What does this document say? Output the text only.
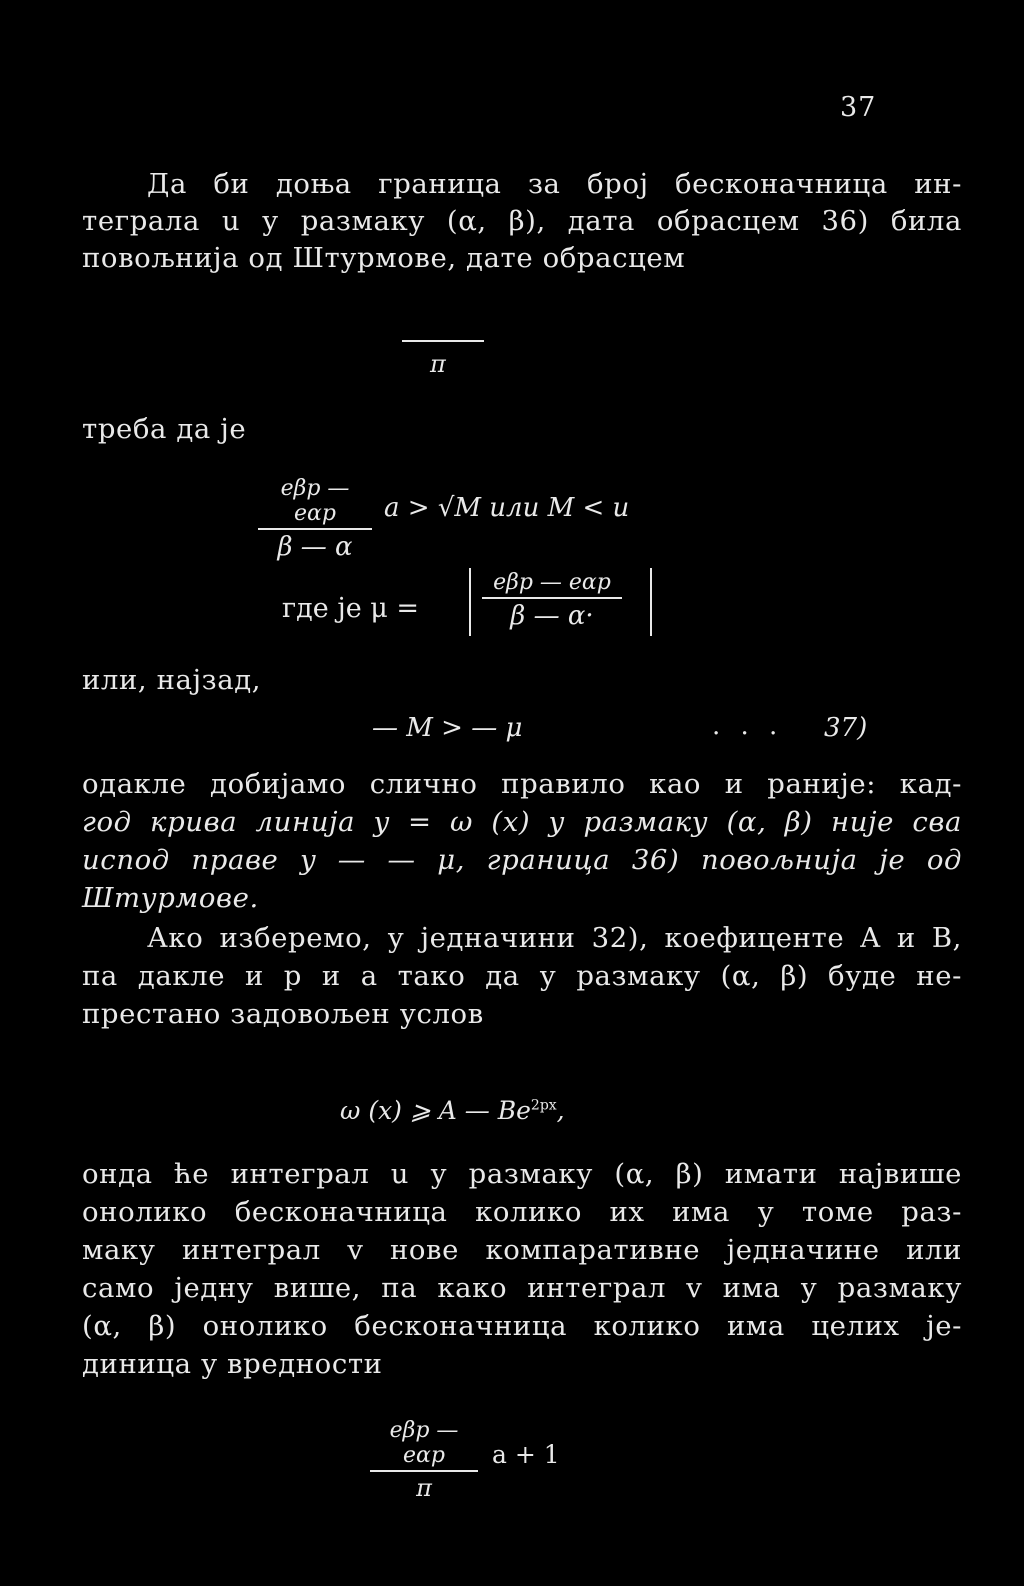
37
Да би доња граница за број бесконачница ин-
теграла u у размаку (α, β), дата обрасцем 36) била
повољнија од Штурмове, дате обрасцем
π
треба да је
eβp — eαp
β — α
a > √M или M < u
где је μ =
eβp — eαp
β — α·
или, најзад,
— M > — μ	. . . 37)
одакле добијамо слично правило као и раније: кад-
год крива линија y = ω (x) у размаку (α, β) није сва
испод праве y — — μ, граница 36) повољнија је од
Штурмове.
Ако изберемо, у једначини 32), коефиценте A и B,
па дакле и p и a тако да у размаку (α, β) буде не-
престано задовољен услов
ω (x) ⩾ A — $Be^{2px}$,
онда ће интеграл u у размаку (α, β) имати највише
онолико бесконачница колико их има у томе раз-
маку интеграл v нове компаративне једначине или
само једну више, па како интеграл v има у размаку
(α, β) онолико бесконачница колико има целих је-
диница у вредности
eβp — eαp
π
a + 1
